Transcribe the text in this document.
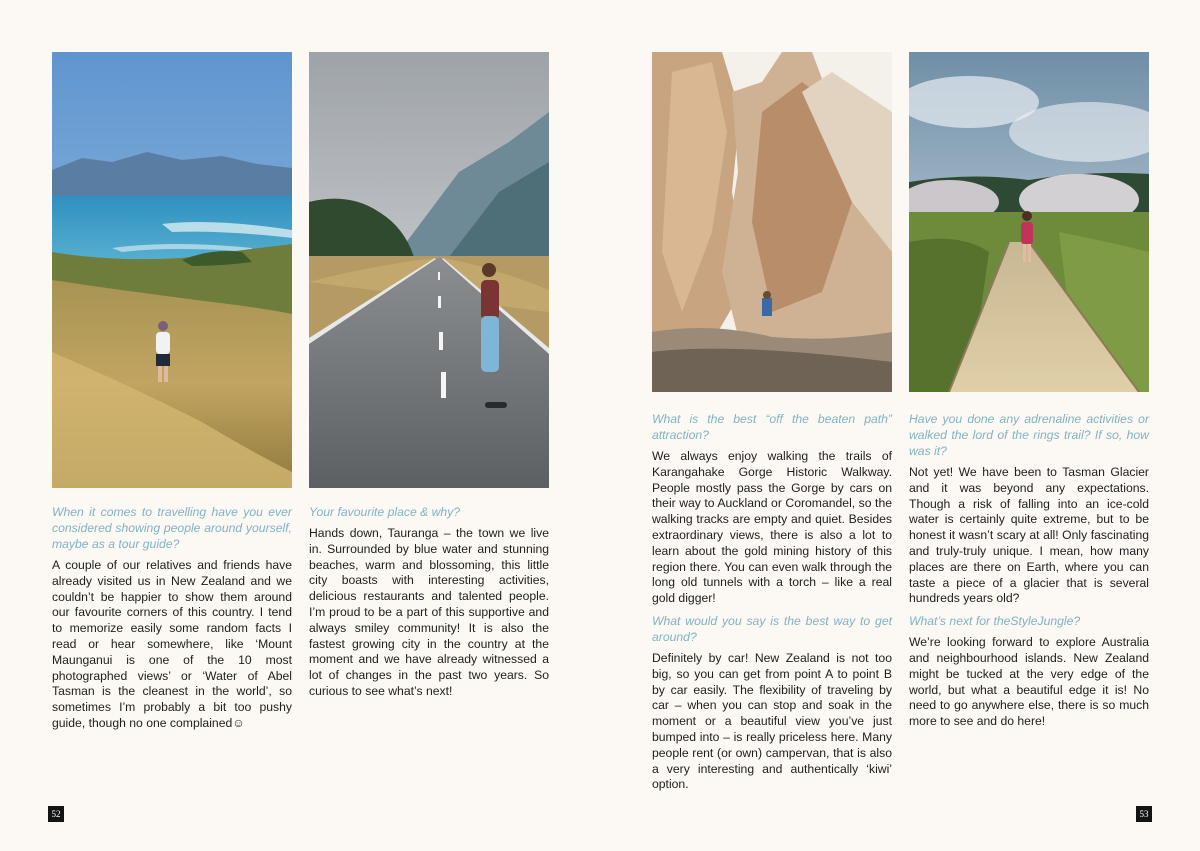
When it comes to travelling have you ever considered showing people around yourself, maybe as a tour guide?

A couple of our relatives and friends have already visited us in New Zealand and we couldn’t be happier to show them around our favourite corners of this country. I tend to memorize easily some random facts I read or hear somewhere, like ‘Mount Maunganui is one of the 10 most photographed views’ or ‘Water of Abel Tasman is the cleanest in the world’, so sometimes I’m probably a bit too pushy guide, though no one complained☺

Your favourite place & why?

Hands down, Tauranga – the town we live in. Surrounded by blue water and stunning beaches, warm and blossoming, this little city boasts with interesting activities, delicious restaurants and talented people. I’m proud to be a part of this supportive and always smiley community! It is also the fastest growing city in the country at the moment and we have already witnessed a lot of changes in the past two years. So curious to see what’s next!

52

What is the best “off the beaten path” attraction?

We always enjoy walking the trails of Karangahake Gorge Historic Walkway. People mostly pass the Gorge by cars on their way to Auckland or Coromandel, so the walking tracks are empty and quiet. Besides extraordinary views, there is also a lot to learn about the gold mining history of this region there. You can even walk through the long old tunnels with a torch – like a real gold digger!

What would you say is the best way to get around?

Definitely by car! New Zealand is not too big, so you can get from point A to point B by car easily. The flexibility of traveling by car – when you can stop and soak in the moment or a beautiful view you’ve just bumped into – is really priceless here. Many people rent (or own) campervan, that is also a very interesting and authentically ‘kiwi’ option.

Have you done any adrenaline activities or walked the lord of the rings trail? If so, how was it?

Not yet! We have been to Tasman Glacier and it was beyond any expectations. Though a risk of falling into an ice-cold water is certainly quite extreme, but to be honest it wasn’t scary at all! Only fascinating and truly-truly unique. I mean, how many places are there on Earth, where you can taste a piece of a glacier that is several hundreds years old?

What’s next for theStyleJungle?

We’re looking forward to explore Australia and neighbourhood islands. New Zealand might be tucked at the very edge of the world, but what a beautiful edge it is! No need to go anywhere else, there is so much more to see and do here!

53
